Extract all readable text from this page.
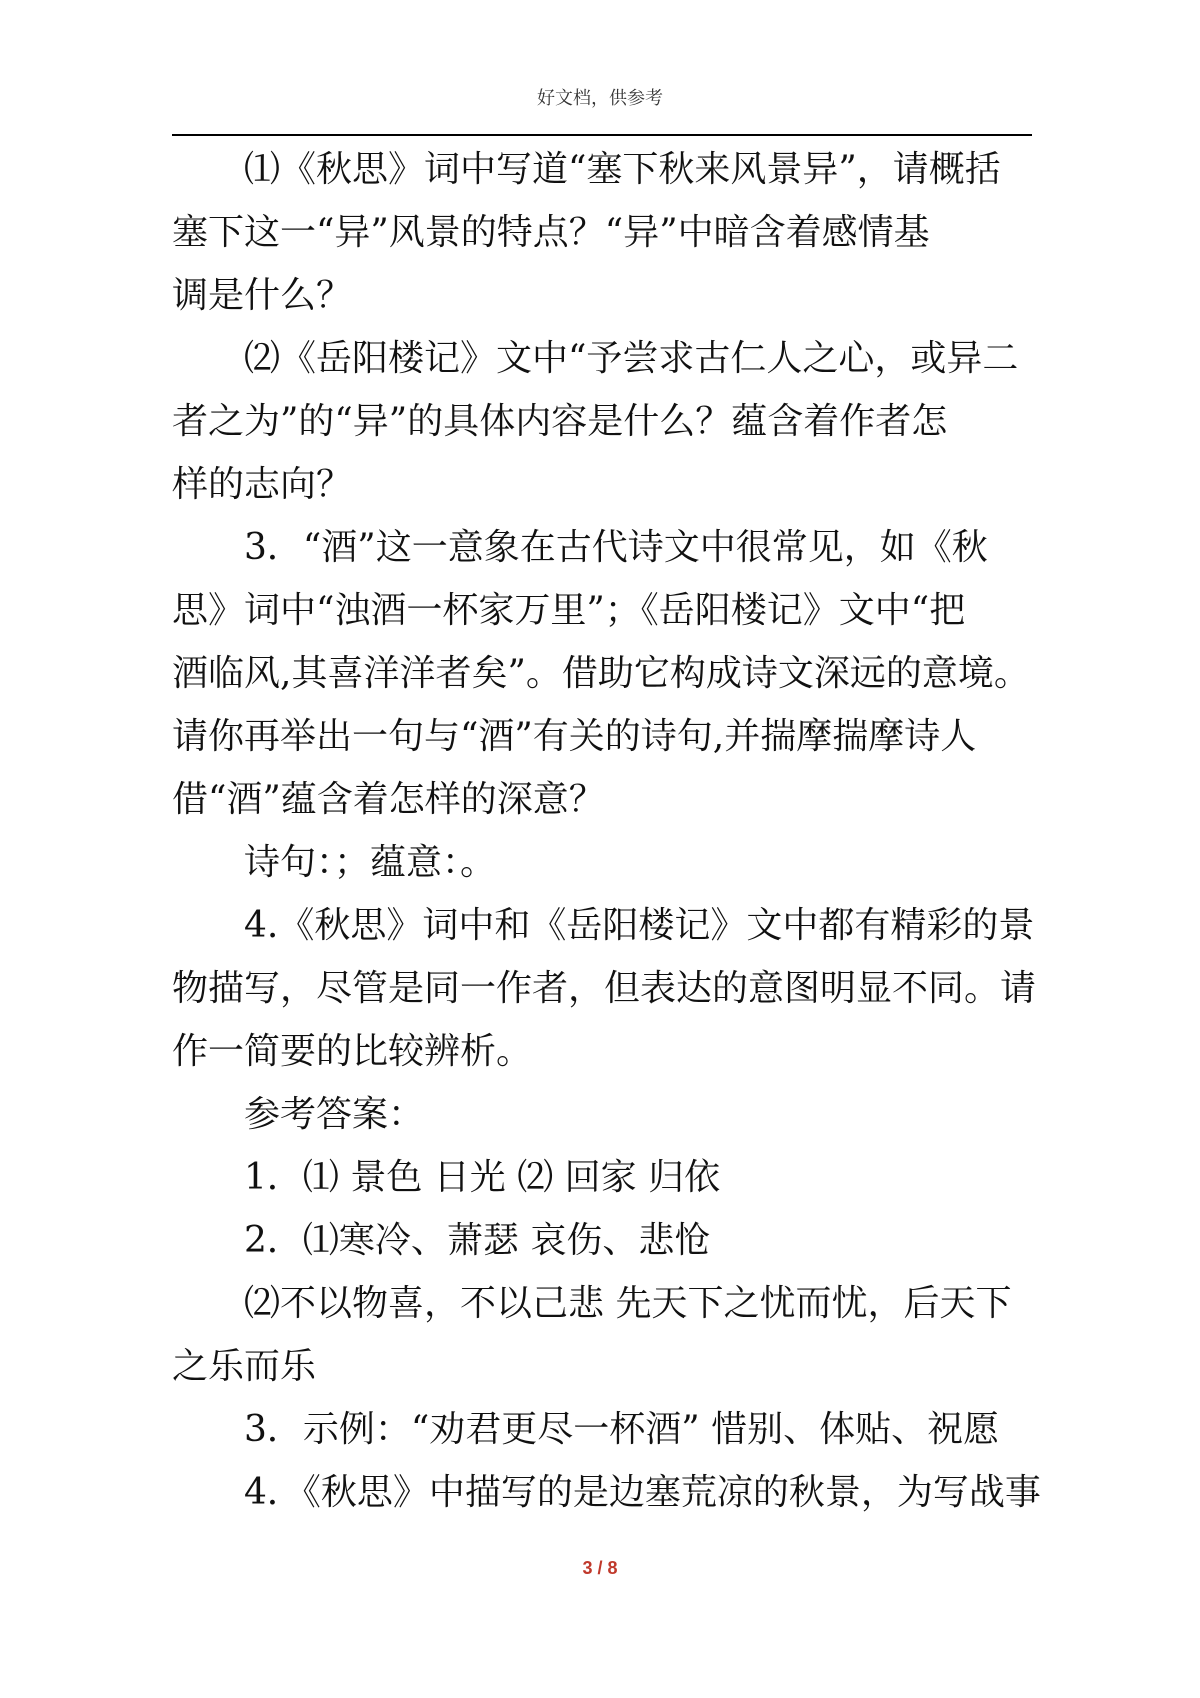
好文档，供参考

⑴《秋思》词中写道“塞下秋来风景异”，请概括

塞下这一“异”风景的特点？“异”中暗含着感情基

调是什么？

⑵《岳阳楼记》文中“予尝求古仁人之心，或异二

者之为”的“异”的具体内容是什么？蕴含着作者怎

样的志向？

3．“酒”这一意象在古代诗文中很常见，如《秋

思》词中“浊酒一杯家万里”；《岳阳楼记》文中“把

酒临风,其喜洋洋者矣”。借助它构成诗文深远的意境。

请你再举出一句与“酒”有关的诗句,并揣摩揣摩诗人

借“酒”蕴含着怎样的深意？

诗句：；蕴意：。

4.《秋思》词中和《岳阳楼记》文中都有精彩的景

物描写，尽管是同一作者，但表达的意图明显不同。请

作一简要的比较辨析。

参考答案：

1．⑴ 景色 日光 ⑵ 回家 归依

2．⑴寒冷、萧瑟 哀伤、悲怆

⑵不以物喜，不以己悲 先天下之忧而忧，后天下

之乐而乐

3．示例：“劝君更尽一杯酒” 惜别、体贴、祝愿

4．《秋思》中描写的是边塞荒凉的秋景，为写战事

3 / 8
